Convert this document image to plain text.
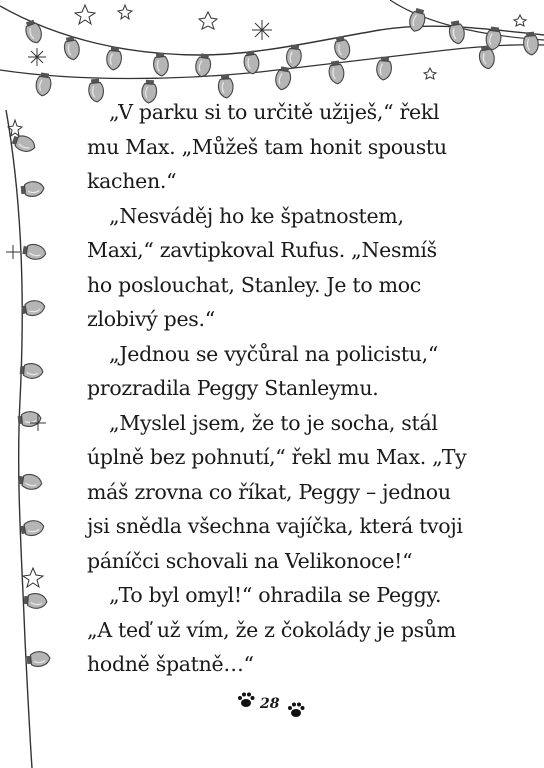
„V parku si to určitě užiješ,“ řekl
mu Max. „Můžeš tam honit spoustu
kachen.“
„Nesváděj ho ke špatnostem,
Maxi,“ zavtipkoval Rufus. „Nesmíš
ho poslouchat, Stanley. Je to moc
zlobivý pes.“
„Jednou se vyčůral na policistu,“
prozradila Peggy Stanleymu.
„Myslel jsem, že to je socha, stál
úplně bez pohnutí,“ řekl mu Max. „Ty
máš zrovna co říkat, Peggy – jednou
jsi snědla všechna vajíčka, která tvoji
páníčci schovali na Velikonoce!“
„To byl omyl!“ ohradila se Peggy.
„A teď už vím, že z čokolády je psům
hodně špatně…“
28
